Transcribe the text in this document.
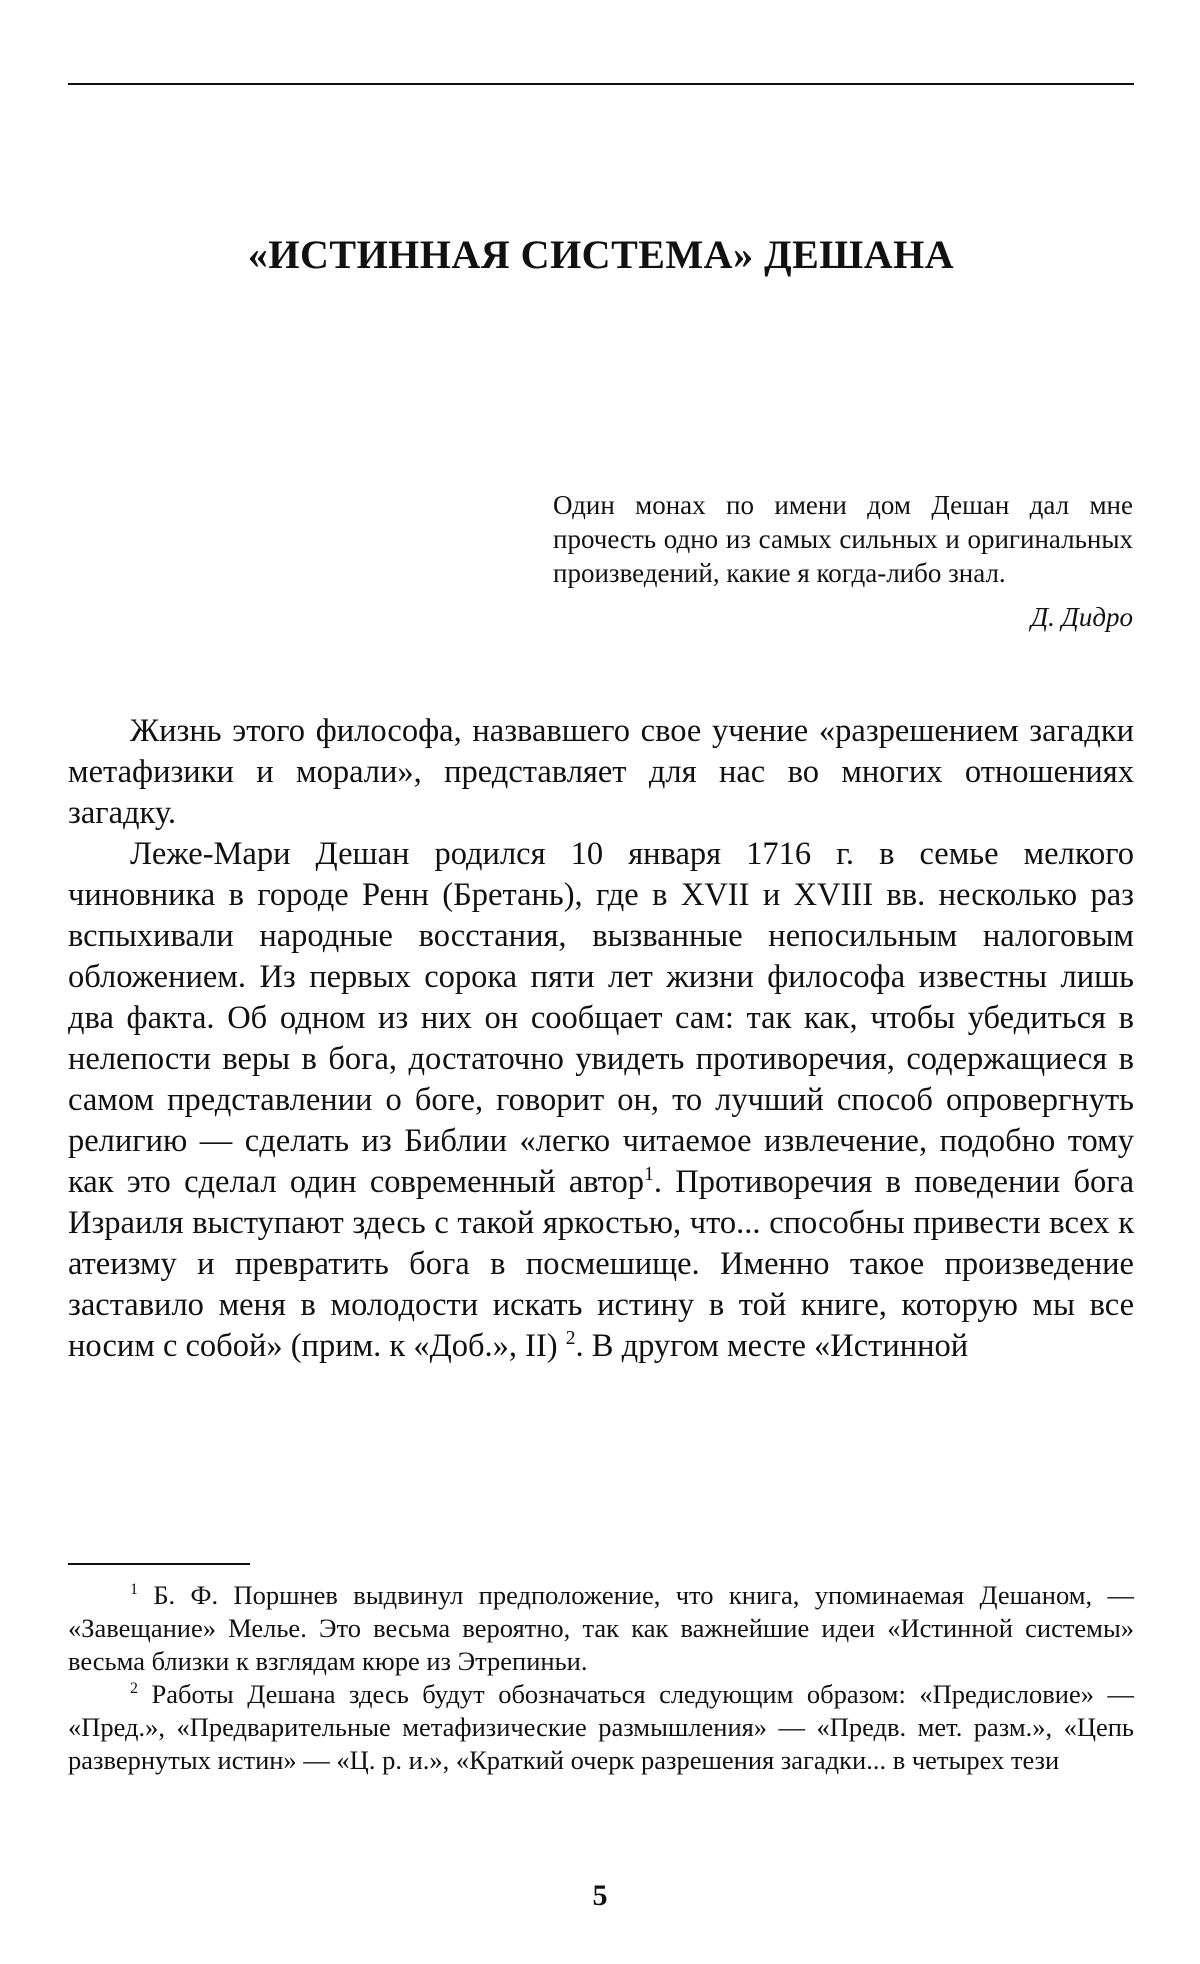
«ИСТИННАЯ СИСТЕМА» ДЕШАНА

Один монах по имени дом Дешан дал мне прочесть одно из самых сильных и оригинальных произведений, какие я когда-либо знал.

Д. Дидро

Жизнь этого философа, назвавшего свое учение «разрешением загадки метафизики и морали», представляет для нас во многих отношениях загадку.

Леже-Мари Дешан родился 10 января 1716 г. в семье мелкого чиновника в городе Ренн (Бретань), где в XVII и XVIII вв. несколько раз вспыхивали народные восстания, вызванные непосильным налоговым обложением. Из первых сорока пяти лет жизни философа известны лишь два факта. Об одном из них он сообщает сам: так как, чтобы убедиться в нелепости веры в бога, достаточно увидеть противоречия, содержащиеся в самом представлении о боге, говорит он, то лучший способ опровергнуть религию — сделать из Библии «легко читаемое извлечение, подобно тому как это сделал один современный автор$^1$. Противоречия в поведении бога Израиля выступают здесь с такой яркостью, что... способны привести всех к атеизму и превратить бога в посмешище. Именно такое произведение заставило меня в молодости искать истину в той книге, которую мы все носим с собой» (прим. к «Доб.», II) $^2$. В другом месте «Истинной

$^1$ Б. Ф. Поршнев выдвинул предположение, что книга, упоминаемая Дешаном, — «Завещание» Мелье. Это весьма вероятно, так как важнейшие идеи «Истинной системы» весьма близки к взглядам кюре из Этрепиньи.

$^2$ Работы Дешана здесь будут обозначаться следующим образом: «Предисловие» — «Пред.», «Предварительные метафизические размышления» — «Предв. мет. разм.», «Цепь развернутых истин» — «Ц. р. и.», «Краткий очерк разрешения загадки... в четырех тези

5
